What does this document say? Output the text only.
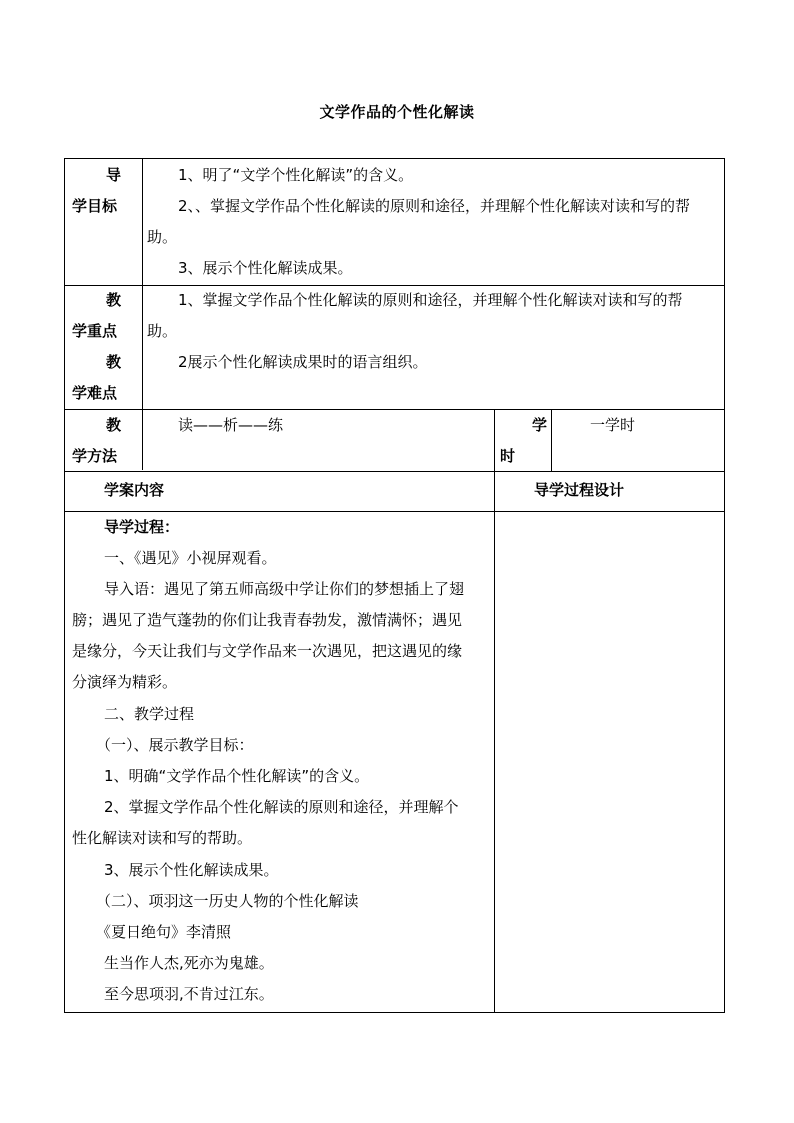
文学作品的个性化解读
导
学目标
1、明了“文学个性化解读”的含义。
2、、掌握文学作品个性化解读的原则和途径，并理解个性化解读对读和写的帮
助。
3、展示个性化解读成果。
教
学重点
教
学难点
1、掌握文学作品个性化解读的原则和途径，并理解个性化解读对读和写的帮
助。
2展示个性化解读成果时的语言组织。
教
学方法
读——析——练	学
时
一学时
学案内容	导学过程设计
导学过程：
一、《遇见》小视屏观看。
导入语：遇见了第五师高级中学让你们的梦想插上了翅
膀；遇见了造气蓬勃的你们让我青春勃发，激情满怀；遇见
是缘分，今天让我们与文学作品来一次遇见，把这遇见的缘
分演绎为精彩。
二、教学过程
（一）、展示教学目标：
1、明确“文学作品个性化解读”的含义。
2、掌握文学作品个性化解读的原则和途径，并理解个
性化解读对读和写的帮助。
3、展示个性化解读成果。
（二）、项羽这一历史人物的个性化解读
《夏日绝句》李清照
生当作人杰,死亦为鬼雄。
至今思项羽,不肯过江东。
